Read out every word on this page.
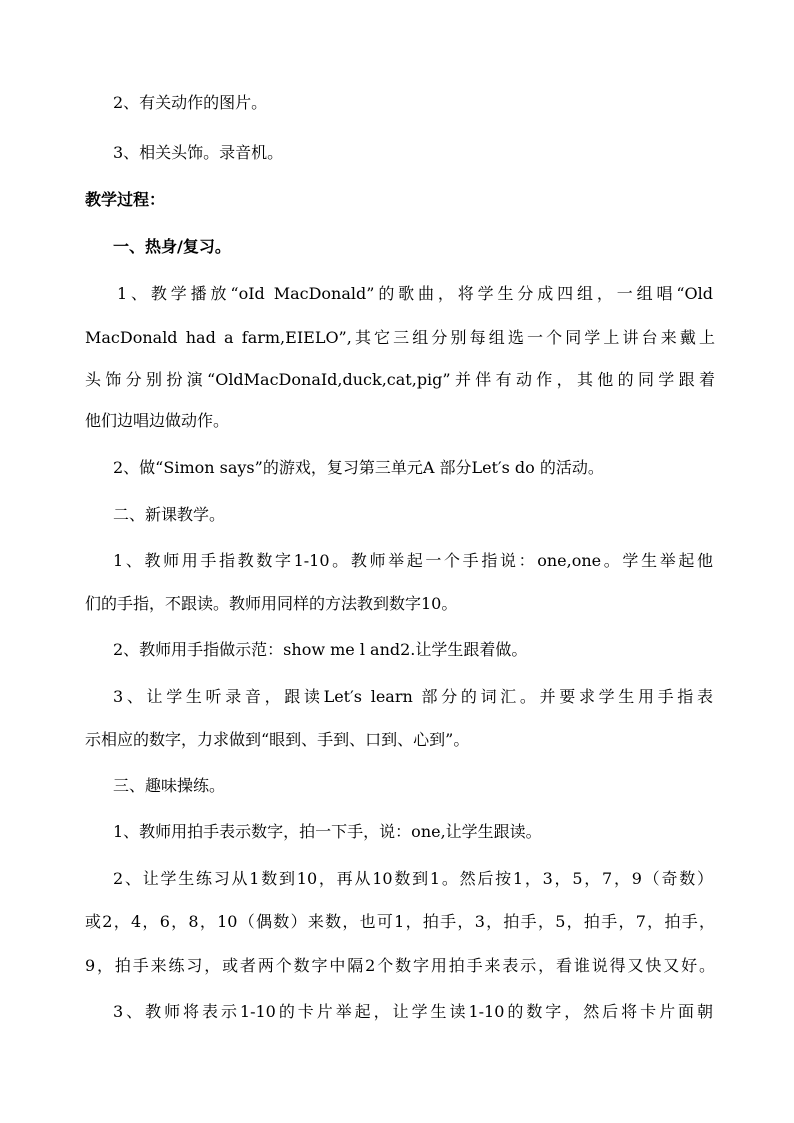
2、有关动作的图片。
3、相关头饰。录音机。
教学过程：
一、热身/复习。
1、教学播放“oId MacDonald”的歌曲，将学生分成四组，一组唱“Old
MacDonald had a farm,EIELO”,其它三组分别每组选一个同学上讲台来戴上
头饰分别扮演“OldMacDonaId,duck,cat,pig”并伴有动作，其他的同学跟着
他们边唱边做动作。
2、做“Simon says”的游戏，复习第三单元A 部分Let′s do 的活动。
二、新课教学。
1、教师用手指教数字1-10。教师举起一个手指说：one,one。学生举起他
们的手指，不跟读。教师用同样的方法教到数字10。
2、教师用手指做示范：show me l and2.让学生跟着做。
3、让学生听录音，跟读Let′s learn 部分的词汇。并要求学生用手指表
示相应的数字，力求做到“眼到、手到、口到、心到”。
三、趣味操练。
1、教师用拍手表示数字，拍一下手，说：one,让学生跟读。
2、让学生练习从1数到10，再从10数到1。然后按1，3，5，7，9（奇数）
或2，4，6，8，10（偶数）来数，也可1，拍手，3，拍手，5，拍手，7，拍手，
9，拍手来练习，或者两个数字中隔2个数字用拍手来表示，看谁说得又快又好。
3、教师将表示1-10的卡片举起，让学生读1-10的数字，然后将卡片面朝
